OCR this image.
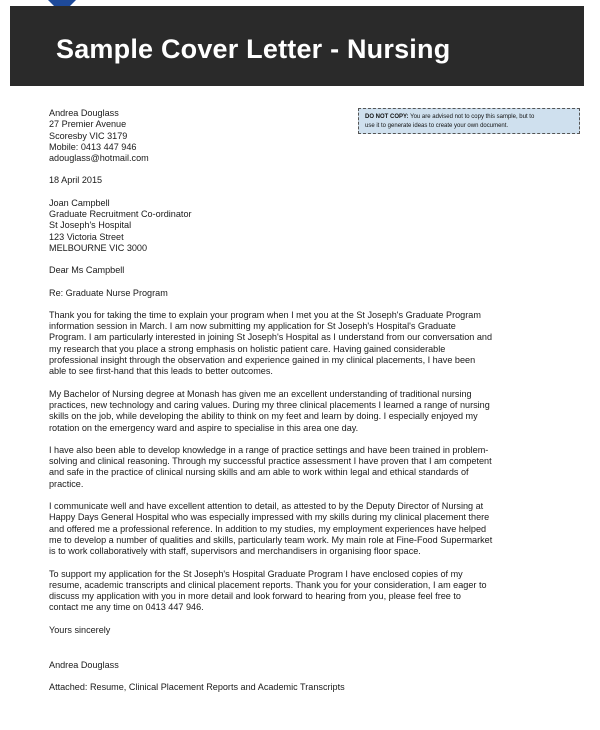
Sample Cover Letter - Nursing
DO NOT COPY: You are advised not to copy this sample, but to
use it to generate ideas to create your own document.
Andrea Douglass
27 Premier Avenue
Scoresby VIC 3179
Mobile: 0413 447 946
adouglass@hotmail.com
18 April 2015
Joan Campbell
Graduate Recruitment Co-ordinator
St Joseph's Hospital
123 Victoria Street
MELBOURNE VIC 3000
Dear Ms Campbell
Re: Graduate Nurse Program
Thank you for taking the time to explain your program when I met you at the St Joseph's Graduate Program
information session in March. I am now submitting my application for St Joseph's Hospital's Graduate
Program. I am particularly interested in joining St Joseph's Hospital as I understand from our conversation and
my research that you place a strong emphasis on holistic patient care. Having gained considerable
professional insight through the observation and experience gained in my clinical placements, I have been
able to see first-hand that this leads to better outcomes.
My Bachelor of Nursing degree at Monash has given me an excellent understanding of traditional nursing
practices, new technology and caring values. During my three clinical placements I learned a range of nursing
skills on the job, while developing the ability to think on my feet and learn by doing. I especially enjoyed my
rotation on the emergency ward and aspire to specialise in this area one day.
I have also been able to develop knowledge in a range of practice settings and have been trained in problem-
solving and clinical reasoning. Through my successful practice assessment I have proven that I am competent
and safe in the practice of clinical nursing skills and am able to work within legal and ethical standards of
practice.
I communicate well and have excellent attention to detail, as attested to by the Deputy Director of Nursing at
Happy Days General Hospital who was especially impressed with my skills during my clinical placement there
and offered me a professional reference. In addition to my studies, my employment experiences have helped
me to develop a number of qualities and skills, particularly team work. My main role at Fine-Food Supermarket
is to work collaboratively with staff, supervisors and merchandisers in organising floor space.
To support my application for the St Joseph's Hospital Graduate Program I have enclosed copies of my
resume, academic transcripts and clinical placement reports. Thank you for your consideration, I am eager to
discuss my application with you in more detail and look forward to hearing from you, please feel free to
contact me any time on 0413 447 946.
Yours sincerely
Andrea Douglass
Attached: Resume, Clinical Placement Reports and Academic Transcripts
